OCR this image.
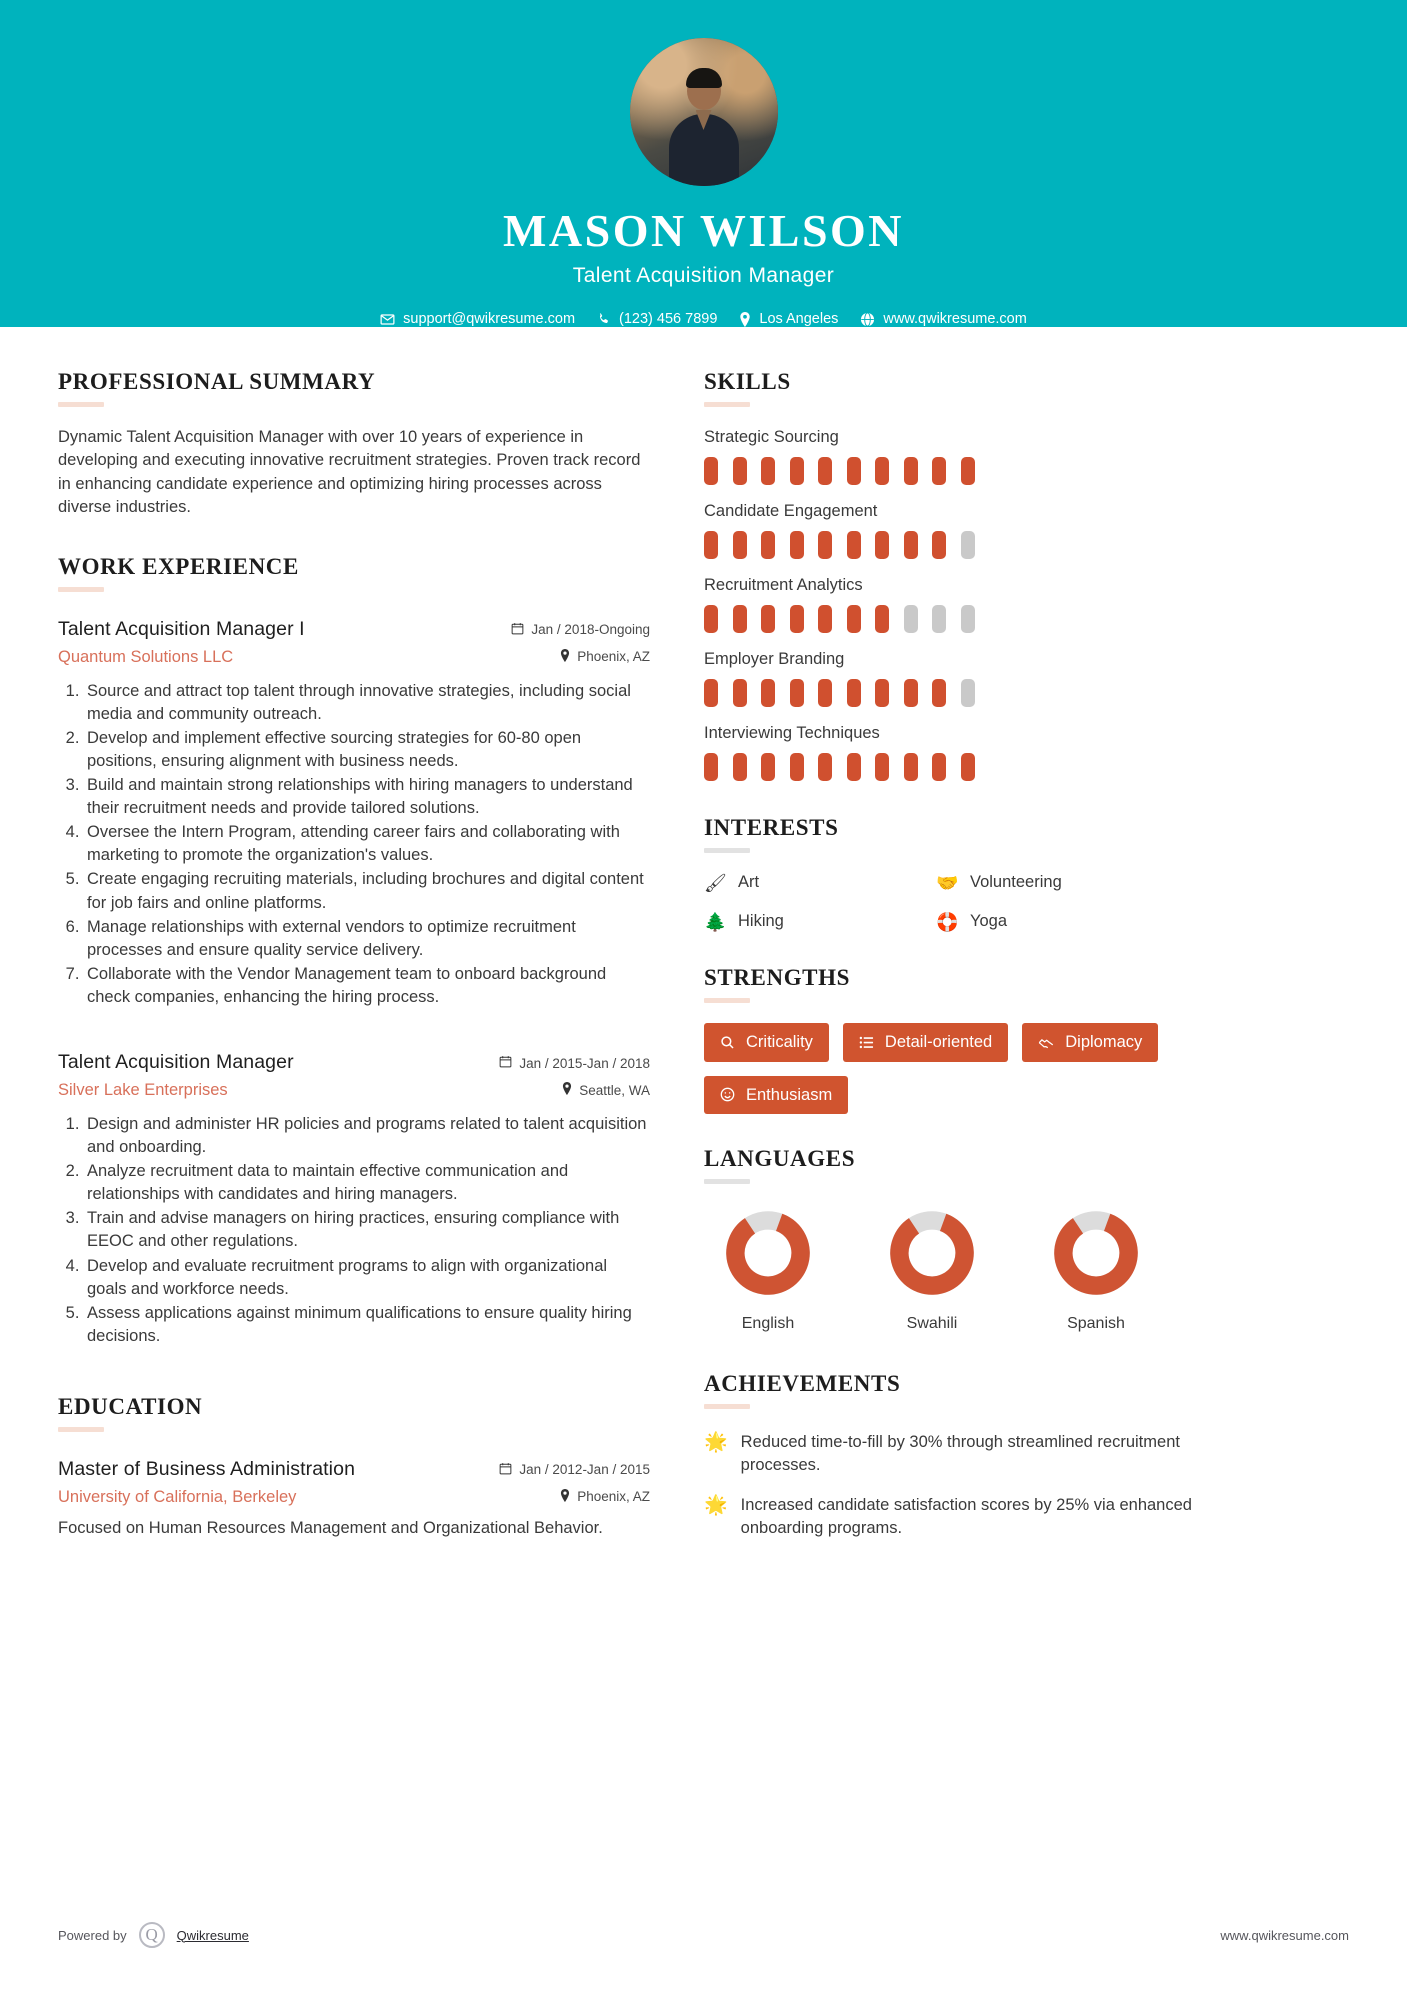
MASON WILSON
Talent Acquisition Manager
support@qwikresume.com	(123) 456 7899	Los Angeles	www.qwikresume.com
PROFESSIONAL SUMMARY
Dynamic Talent Acquisition Manager with over 10 years of experience in developing and executing innovative recruitment strategies. Proven track record in enhancing candidate experience and optimizing hiring processes across diverse industries.
WORK EXPERIENCE
Talent Acquisition Manager I
Quantum Solutions LLC
Jan / 2018-Ongoing
Phoenix, AZ
1. Source and attract top talent through innovative strategies, including social media and community outreach.
2. Develop and implement effective sourcing strategies for 60-80 open positions, ensuring alignment with business needs.
3. Build and maintain strong relationships with hiring managers to understand their recruitment needs and provide tailored solutions.
4. Oversee the Intern Program, attending career fairs and collaborating with marketing to promote the organization's values.
5. Create engaging recruiting materials, including brochures and digital content for job fairs and online platforms.
6. Manage relationships with external vendors to optimize recruitment processes and ensure quality service delivery.
7. Collaborate with the Vendor Management team to onboard background check companies, enhancing the hiring process.
Talent Acquisition Manager
Silver Lake Enterprises
Jan / 2015-Jan / 2018
Seattle, WA
1. Design and administer HR policies and programs related to talent acquisition and onboarding.
2. Analyze recruitment data to maintain effective communication and relationships with candidates and hiring managers.
3. Train and advise managers on hiring practices, ensuring compliance with EEOC and other regulations.
4. Develop and evaluate recruitment programs to align with organizational goals and workforce needs.
5. Assess applications against minimum qualifications to ensure quality hiring decisions.
EDUCATION
Master of Business Administration
University of California, Berkeley
Jan / 2012-Jan / 2015
Phoenix, AZ
Focused on Human Resources Management and Organizational Behavior.
SKILLS
Strategic Sourcing
Candidate Engagement
Recruitment Analytics
Employer Branding
Interviewing Techniques
INTERESTS
🖌 Art	🤝 Volunteering
🌲 Hiking	🛟 Yoga
STRENGTHS
Criticality	Detail-oriented	Diplomacy
Enthusiasm
LANGUAGES
English	Swahili	Spanish
ACHIEVEMENTS
🌟 Reduced time-to-fill by 30% through streamlined recruitment processes.
🌟 Increased candidate satisfaction scores by 25% via enhanced onboarding programs.
Powered by	Q	Qwikresume	www.qwikresume.com
